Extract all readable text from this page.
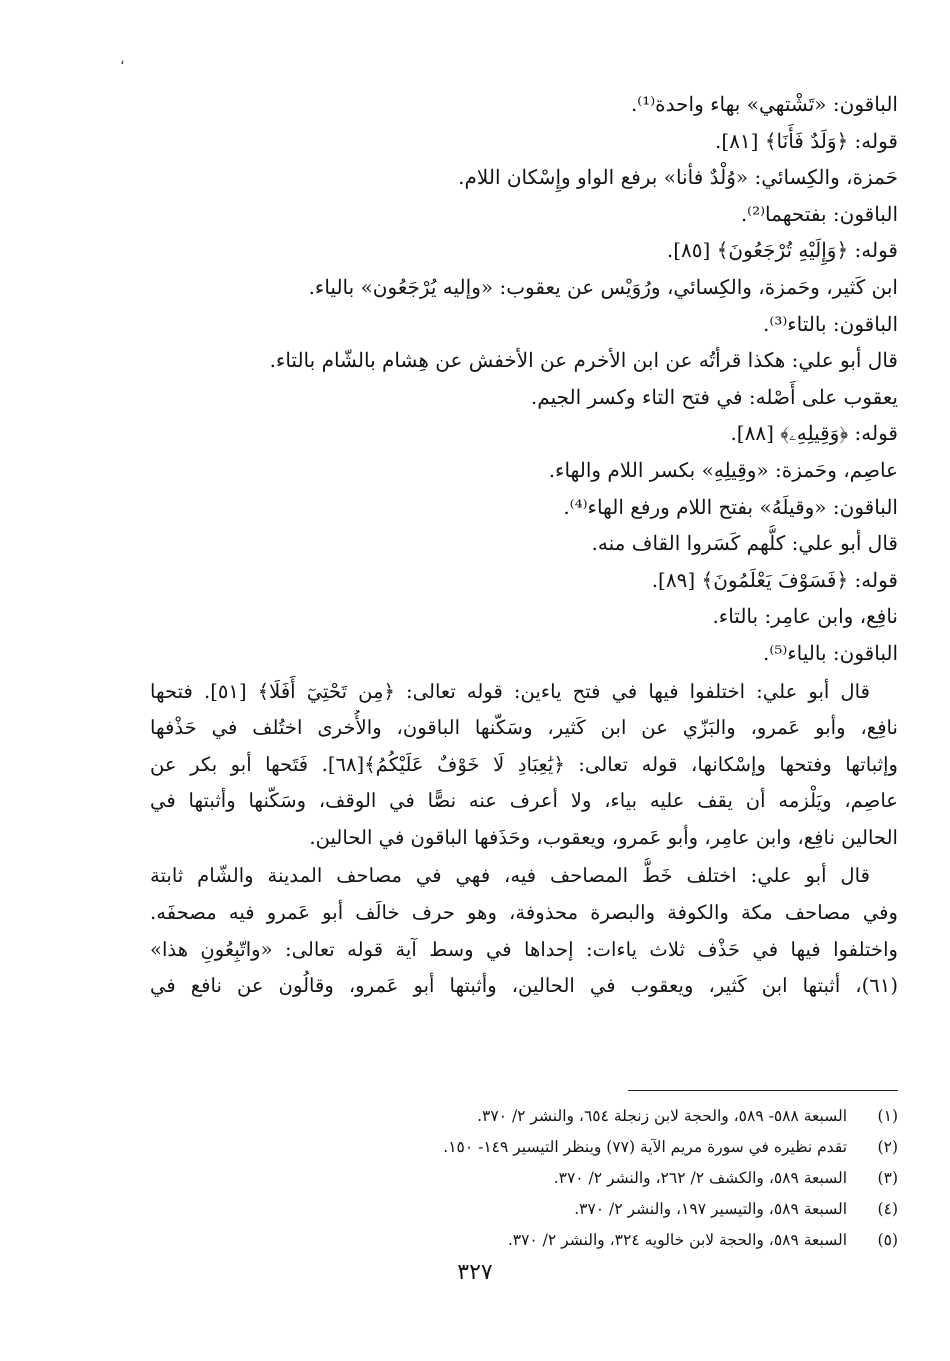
،
الباقون: «تَشْتهي» بهاء واحدة⁽¹⁾.
قوله: ﴿وَلَدٌ فَأَنَا﴾ [٨١].
حَمزة، والكِسائي: «وُلْدٌ فأنا» برفع الواو وإِسْكان اللام.
الباقون: بفتحهما⁽²⁾.
قوله: ﴿وَإِلَيْهِ تُرْجَعُونَ﴾ [٨٥].
ابن كَثير، وحَمزة، والكِسائي، ورُوَيْس عن يعقوب: «وإليه يُرْجَعُون» بالياء.
الباقون: بالتاء⁽³⁾.
قال أبو علي: هكذا قرأتُه عن ابن الأخرم عن الأخفش عن هِشام بالشّام بالتاء.
يعقوب على أَصْله: في فتح التاء وكسر الجيم.
قوله: ﴿وَقِيلِهِۦ﴾ [٨٨].
عاصِم، وحَمزة: «وقِيلِهِ» بكسر اللام والهاء.
الباقون: «وقيلَهُ» بفتح اللام ورفع الهاء⁽⁴⁾.
قال أبو علي: كلُّهم كَسَروا القاف منه.
قوله: ﴿فَسَوْفَ يَعْلَمُونَ﴾ [٨٩].
نافِع، وابن عامِر: بالتاء.
الباقون: بالياء⁽⁵⁾.
قال أبو علي: اختلفوا فيها في فتح ياءين: قوله تعالى: ﴿مِن تَحْتِيٓ أَفَلَا﴾ [٥١]. فتحها
نافِع، وأبو عَمرو، والبَزّي عن ابن كَثير، وسَكّنها الباقون، والأُخرى اختُلف في حَذْفها
وإثباتها وفتحها وإسْكانها، قوله تعالى: ﴿يَٰعِبَادِ لَا خَوْفٌ عَلَيْكُمُ﴾[٦٨]. فَتَحها أبو بكر عن
عاصِم، ويَلْزمه أن يقف عليه بياء، ولا أعرف عنه نصًّا في الوقف، وسَكّنها وأثبتها في
الحالين نافِع، وابن عامِر، وأبو عَمرو، ويعقوب، وحَذَفها الباقون في الحالين.
قال أبو علي: اختلف خَطُّ المصاحف فيه، فهي في مصاحف المدينة والشّام ثابتة
وفي مصاحف مكة والكوفة والبصرة محذوفة، وهو حرف خالَف أبو عَمرو فيه مصحفَه.
واختلفوا فيها في حَذْف ثلاث ياءات: إحداها في وسط آية قوله تعالى: «واتّبِعُونِ هذا»
(٦١)، أثبتها ابن كَثير، ويعقوب في الحالين، وأثبتها أبو عَمرو، وقالُون عن نافع في
(١) السبعة ٥٨٨- ٥٨٩، والحجة لابن زنجلة ٦٥٤، والنشر ٢/ ٣٧٠.
(٢) تقدم نظيره في سورة مريم الآية (٧٧) وينظر التيسير ١٤٩- ١٥٠.
(٣) السبعة ٥٨٩، والكشف ٢/ ٢٦٢، والنشر ٢/ ٣٧٠.
(٤) السبعة ٥٨٩، والتيسير ١٩٧، والنشر ٢/ ٣٧٠.
(٥) السبعة ٥٨٩، والحجة لابن خالويه ٣٢٤، والنشر ٢/ ٣٧٠.
٣٢٧
